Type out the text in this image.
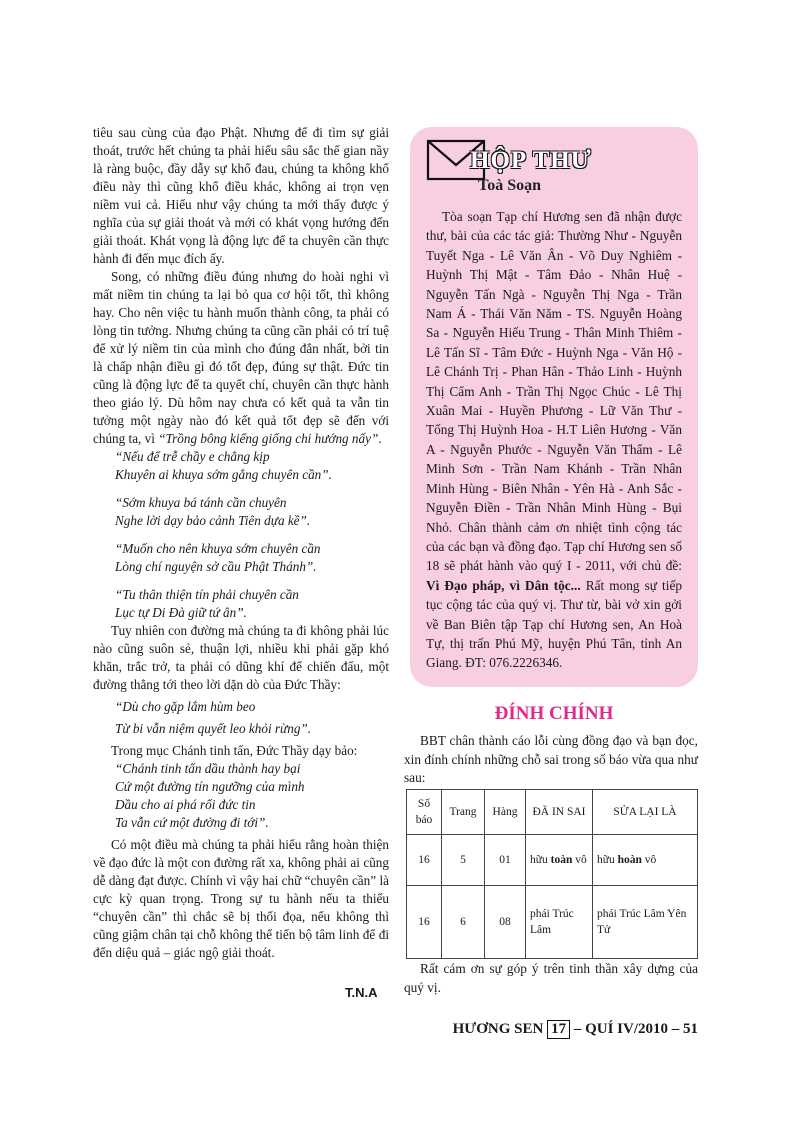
tiêu sau cùng của đạo Phật. Nhưng để đi tìm sự giải thoát, trước hết chúng ta phải hiểu sâu sắc thế gian nầy là ràng buộc, đầy dẫy sự khổ đau, chúng ta không khổ điều này thì cũng khổ điều khác, không ai trọn vẹn niềm vui cả. Hiểu như vậy chúng ta mới thấy được ý nghĩa của sự giải thoát và mới có khát vọng hướng đến giải thoát. Khát vọng là động lực để ta chuyên cần thực hành đi đến mục đích ấy.

Song, có những điều đúng nhưng do hoài nghi vì mất niềm tin chúng ta lại bỏ qua cơ hội tốt, thì không hay. Cho nên việc tu hành muốn thành công, ta phải có lòng tin tưởng. Nhưng chúng ta cũng cần phải có trí tuệ để xử lý niềm tin của mình cho đúng đắn nhất, bởi tin là chấp nhận điều gì đó tốt đẹp, đúng sự thật. Đức tin cũng là động lực để ta quyết chí, chuyên cần thực hành theo giáo lý. Dù hôm nay chưa có kết quả ta vẫn tin tưởng một ngày nào đó kết quả tốt đẹp sẽ đến với chúng ta, vì “Trồng bông kiểng giống chi hướng nấy”.

“Nếu để trễ chầy e chẳng kịp
Khuyên ai khuya sớm gắng chuyên cần”.
“Sớm khuya bá tánh cần chuyên
Nghe lời dạy bảo cảnh Tiên dựa kề”.
“Muốn cho nên khuya sớm chuyên cần
Lòng chí nguyện sở cầu Phật Thánh”.
“Tu thân thiện tín phải chuyên cần
Lục tự Di Đà giữ tứ ân”.

Tuy nhiên con đường mà chúng ta đi không phải lúc nào cũng suôn sẻ, thuận lợi, nhiều khi phải gặp khó khăn, trắc trở, ta phải có dũng khí để chiến đấu, một đường thẳng tới theo lời dặn dò của Đức Thầy:

“Dù cho gặp lắm hùm beo
Từ bi vẫn niệm quyết leo khỏi rừng”.

Trong mục Chánh tinh tấn, Đức Thầy dạy bảo:

“Chánh tinh tấn dầu thành hay bại
Cứ một đường tín ngưỡng của mình
Dầu cho ai phá rối đức tin
Ta vẫn cứ một đường đi tới”.

Có một điều mà chúng ta phải hiểu rằng hoàn thiện về đạo đức là một con đường rất xa, không phải ai cũng dễ dàng đạt được. Chính vì vậy hai chữ “chuyên cần” là cực kỳ quan trọng. Trong sự tu hành nếu ta thiếu “chuyên cần” thì chắc sẽ bị thối đọa, nếu không thì cũng giậm chân tại chỗ không thể tiến bộ tâm linh để đi đến diệu quả – giác ngộ giải thoát.

T.N.A
HỘP THƯ
Toà Soạn

Tòa soạn Tạp chí Hương sen đã nhận được thư, bài của các tác giả: Thường Như - Nguyễn Tuyết Nga - Lê Văn Ân - Võ Duy Nghiêm - Huỳnh Thị Mật - Tâm Đảo - Nhân Huệ - Nguyễn Tấn Ngà - Nguyễn Thị Nga - Trần Nam Á - Thái Văn Năm - TS. Nguyễn Hoàng Sa - Nguyễn Hiếu Trung - Thân Minh Thiêm - Lê Tấn Sĩ - Tâm Đức - Huỳnh Nga - Văn Hộ - Lê Chánh Trị - Phan Hân - Thảo Linh - Huỳnh Thị Cẩm Anh - Trần Thị Ngọc Chúc - Lê Thị Xuân Mai - Huyền Phương - Lữ Văn Thư - Tống Thị Huỳnh Hoa - H.T Liên Hương - Văn A - Nguyễn Phước - Nguyễn Văn Thẩm - Lê Minh Sơn - Trần Nam Khánh - Trần Nhân Minh Hùng - Biên Nhân - Yên Hà - Anh Sắc - Nguyễn Điền - Trần Nhân Minh Hùng - Bụi Nhỏ. Chân thành cảm ơn nhiệt tình cộng tác của các bạn và đồng đạo. Tạp chí Hương sen số 18 sẽ phát hành vào quý I - 2011, với chủ đề: Vì Đạo pháp, vì Dân tộc... Rất mong sự tiếp tục cộng tác của quý vị. Thư từ, bài vở xin gởi về Ban Biên tập Tạp chí Hương sen, An Hoà Tự, thị trấn Phú Mỹ, huyện Phú Tân, tỉnh An Giang. ĐT: 076.2226346.

ĐÍNH CHÍNH
BBT chân thành cáo lỗi cùng đồng đạo và bạn đọc, xin đính chính những chỗ sai trong số báo vừa qua như sau:
Số báo	Trang	Hàng	ĐÃ IN SAI	SỬA LẠI LÀ
16	5	01	hữu toàn vô	hữu hoàn vô
16	6	08	phái Trúc Lâm	phái Trúc Lâm Yên Tử
Rất cám ơn sự góp ý trên tinh thần xây dựng của quý vị.
HƯƠNG SEN 17 – QUÍ IV/2010 – 51
